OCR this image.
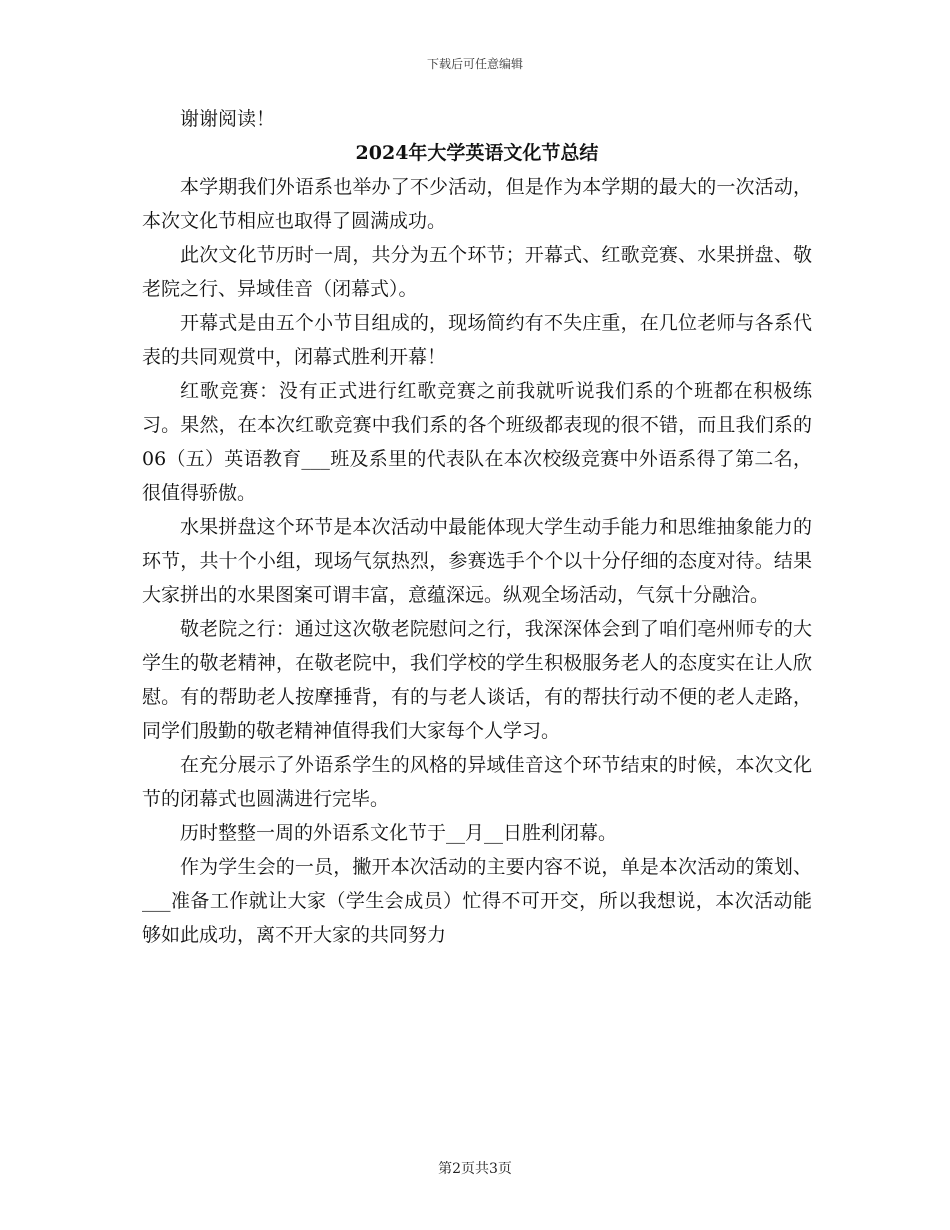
下载后可任意编辑

谢谢阅读！

2024年大学英语文化节总结

本学期我们外语系也举办了不少活动，但是作为本学期的最大的一次活动，本次文化节相应也取得了圆满成功。

此次文化节历时一周，共分为五个环节；开幕式、红歌竞赛、水果拼盘、敬老院之行、异域佳音（闭幕式）。

开幕式是由五个小节目组成的，现场简约有不失庄重，在几位老师与各系代表的共同观赏中，闭幕式胜利开幕！

红歌竞赛：没有正式进行红歌竞赛之前我就听说我们系的个班都在积极练习。果然，在本次红歌竞赛中我们系的各个班级都表现的很不错，而且我们系的06（五）英语教育___班及系里的代表队在本次校级竞赛中外语系得了第二名，很值得骄傲。

水果拼盘这个环节是本次活动中最能体现大学生动手能力和思维抽象能力的环节，共十个小组，现场气氛热烈，参赛选手个个以十分仔细的态度对待。结果大家拼出的水果图案可谓丰富，意蕴深远。纵观全场活动，气氛十分融洽。

敬老院之行：通过这次敬老院慰问之行，我深深体会到了咱们亳州师专的大学生的敬老精神，在敬老院中，我们学校的学生积极服务老人的态度实在让人欣慰。有的帮助老人按摩捶背，有的与老人谈话，有的帮扶行动不便的老人走路，同学们殷勤的敬老精神值得我们大家每个人学习。

在充分展示了外语系学生的风格的异域佳音这个环节结束的时候，本次文化节的闭幕式也圆满进行完毕。

历时整整一周的外语系文化节于__月__日胜利闭幕。

作为学生会的一员，撇开本次活动的主要内容不说，单是本次活动的策划、___准备工作就让大家（学生会成员）忙得不可开交，所以我想说，本次活动能够如此成功，离不开大家的共同努力

第2页共3页
